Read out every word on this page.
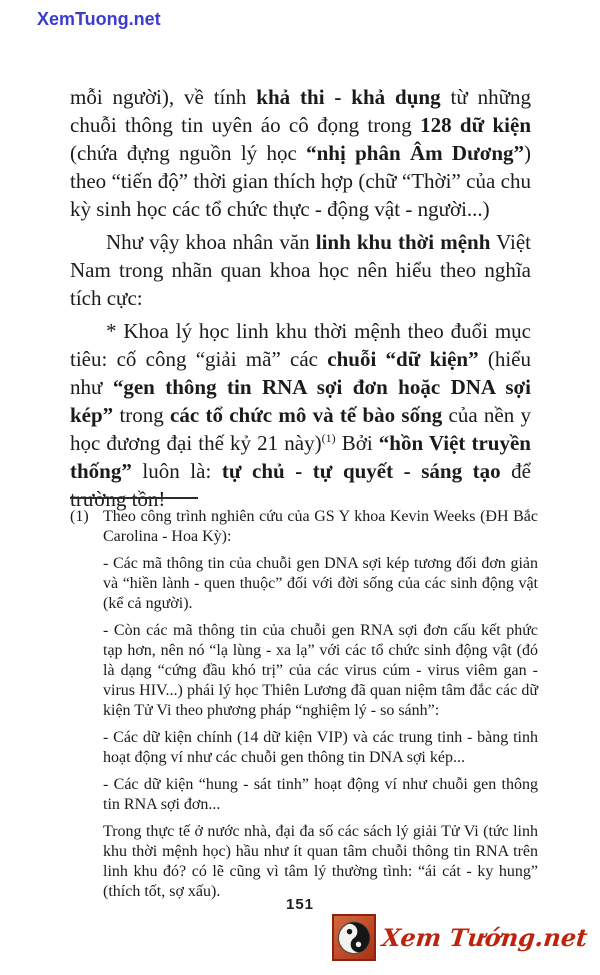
XemTuong.net

mỗi người), về tính khả thi - khả dụng từ những chuỗi thông tin uyên áo cô đọng trong 128 dữ kiện (chứa đựng nguồn lý học “nhị phân Âm Dương”) theo “tiến độ” thời gian thích hợp (chữ “Thời” của chu kỳ sinh học các tổ chức thực - động vật - người...)

Như vậy khoa nhân văn linh khu thời mệnh Việt Nam trong nhãn quan khoa học nên hiểu theo nghĩa tích cực:

* Khoa lý học linh khu thời mệnh theo đuổi mục tiêu: cố công “giải mã” các chuỗi “dữ kiện” (hiểu như “gen thông tin RNA sợi đơn hoặc DNA sợi kép” trong các tổ chức mô và tế bào sống của nền y học đương đại thế kỷ 21 này)$^{(1)}$ Bởi “hồn Việt truyền thống” luôn là: tự chủ - tự quyết - sáng tạo để trường tồn!

(1) Theo công trình nghiên cứu của GS Y khoa Kevin Weeks (ĐH Bắc Carolina - Hoa Kỳ):

- Các mã thông tin của chuỗi gen DNA sợi kép tương đối đơn giản và “hiền lành - quen thuộc” đối với đời sống của các sinh động vật (kể cả người).

- Còn các mã thông tin của chuỗi gen RNA sợi đơn cấu kết phức tạp hơn, nên nó “lạ lùng - xa lạ” với các tổ chức sinh động vật (đó là dạng “cứng đầu khó trị” của các virus cúm - virus viêm gan - virus HIV...) phái lý học Thiên Lương đã quan niệm tâm đắc các dữ kiện Tử Vi theo phương pháp “nghiệm lý - so sánh”:

- Các dữ kiện chính (14 dữ kiện VIP) và các trung tinh - bàng tinh hoạt động ví như các chuỗi gen thông tin DNA sợi kép...

- Các dữ kiện “hung - sát tinh” hoạt động ví như chuỗi gen thông tin RNA sợi đơn...

Trong thực tế ở nước nhà, đại đa số các sách lý giải Tử Vi (tức linh khu thời mệnh học) hầu như ít quan tâm chuỗi thông tin RNA trên linh khu đó? có lẽ cũng vì tâm lý thường tình: “ái cát - ky hung” (thích tốt, sợ xấu).

151
Xem Tướng.net
